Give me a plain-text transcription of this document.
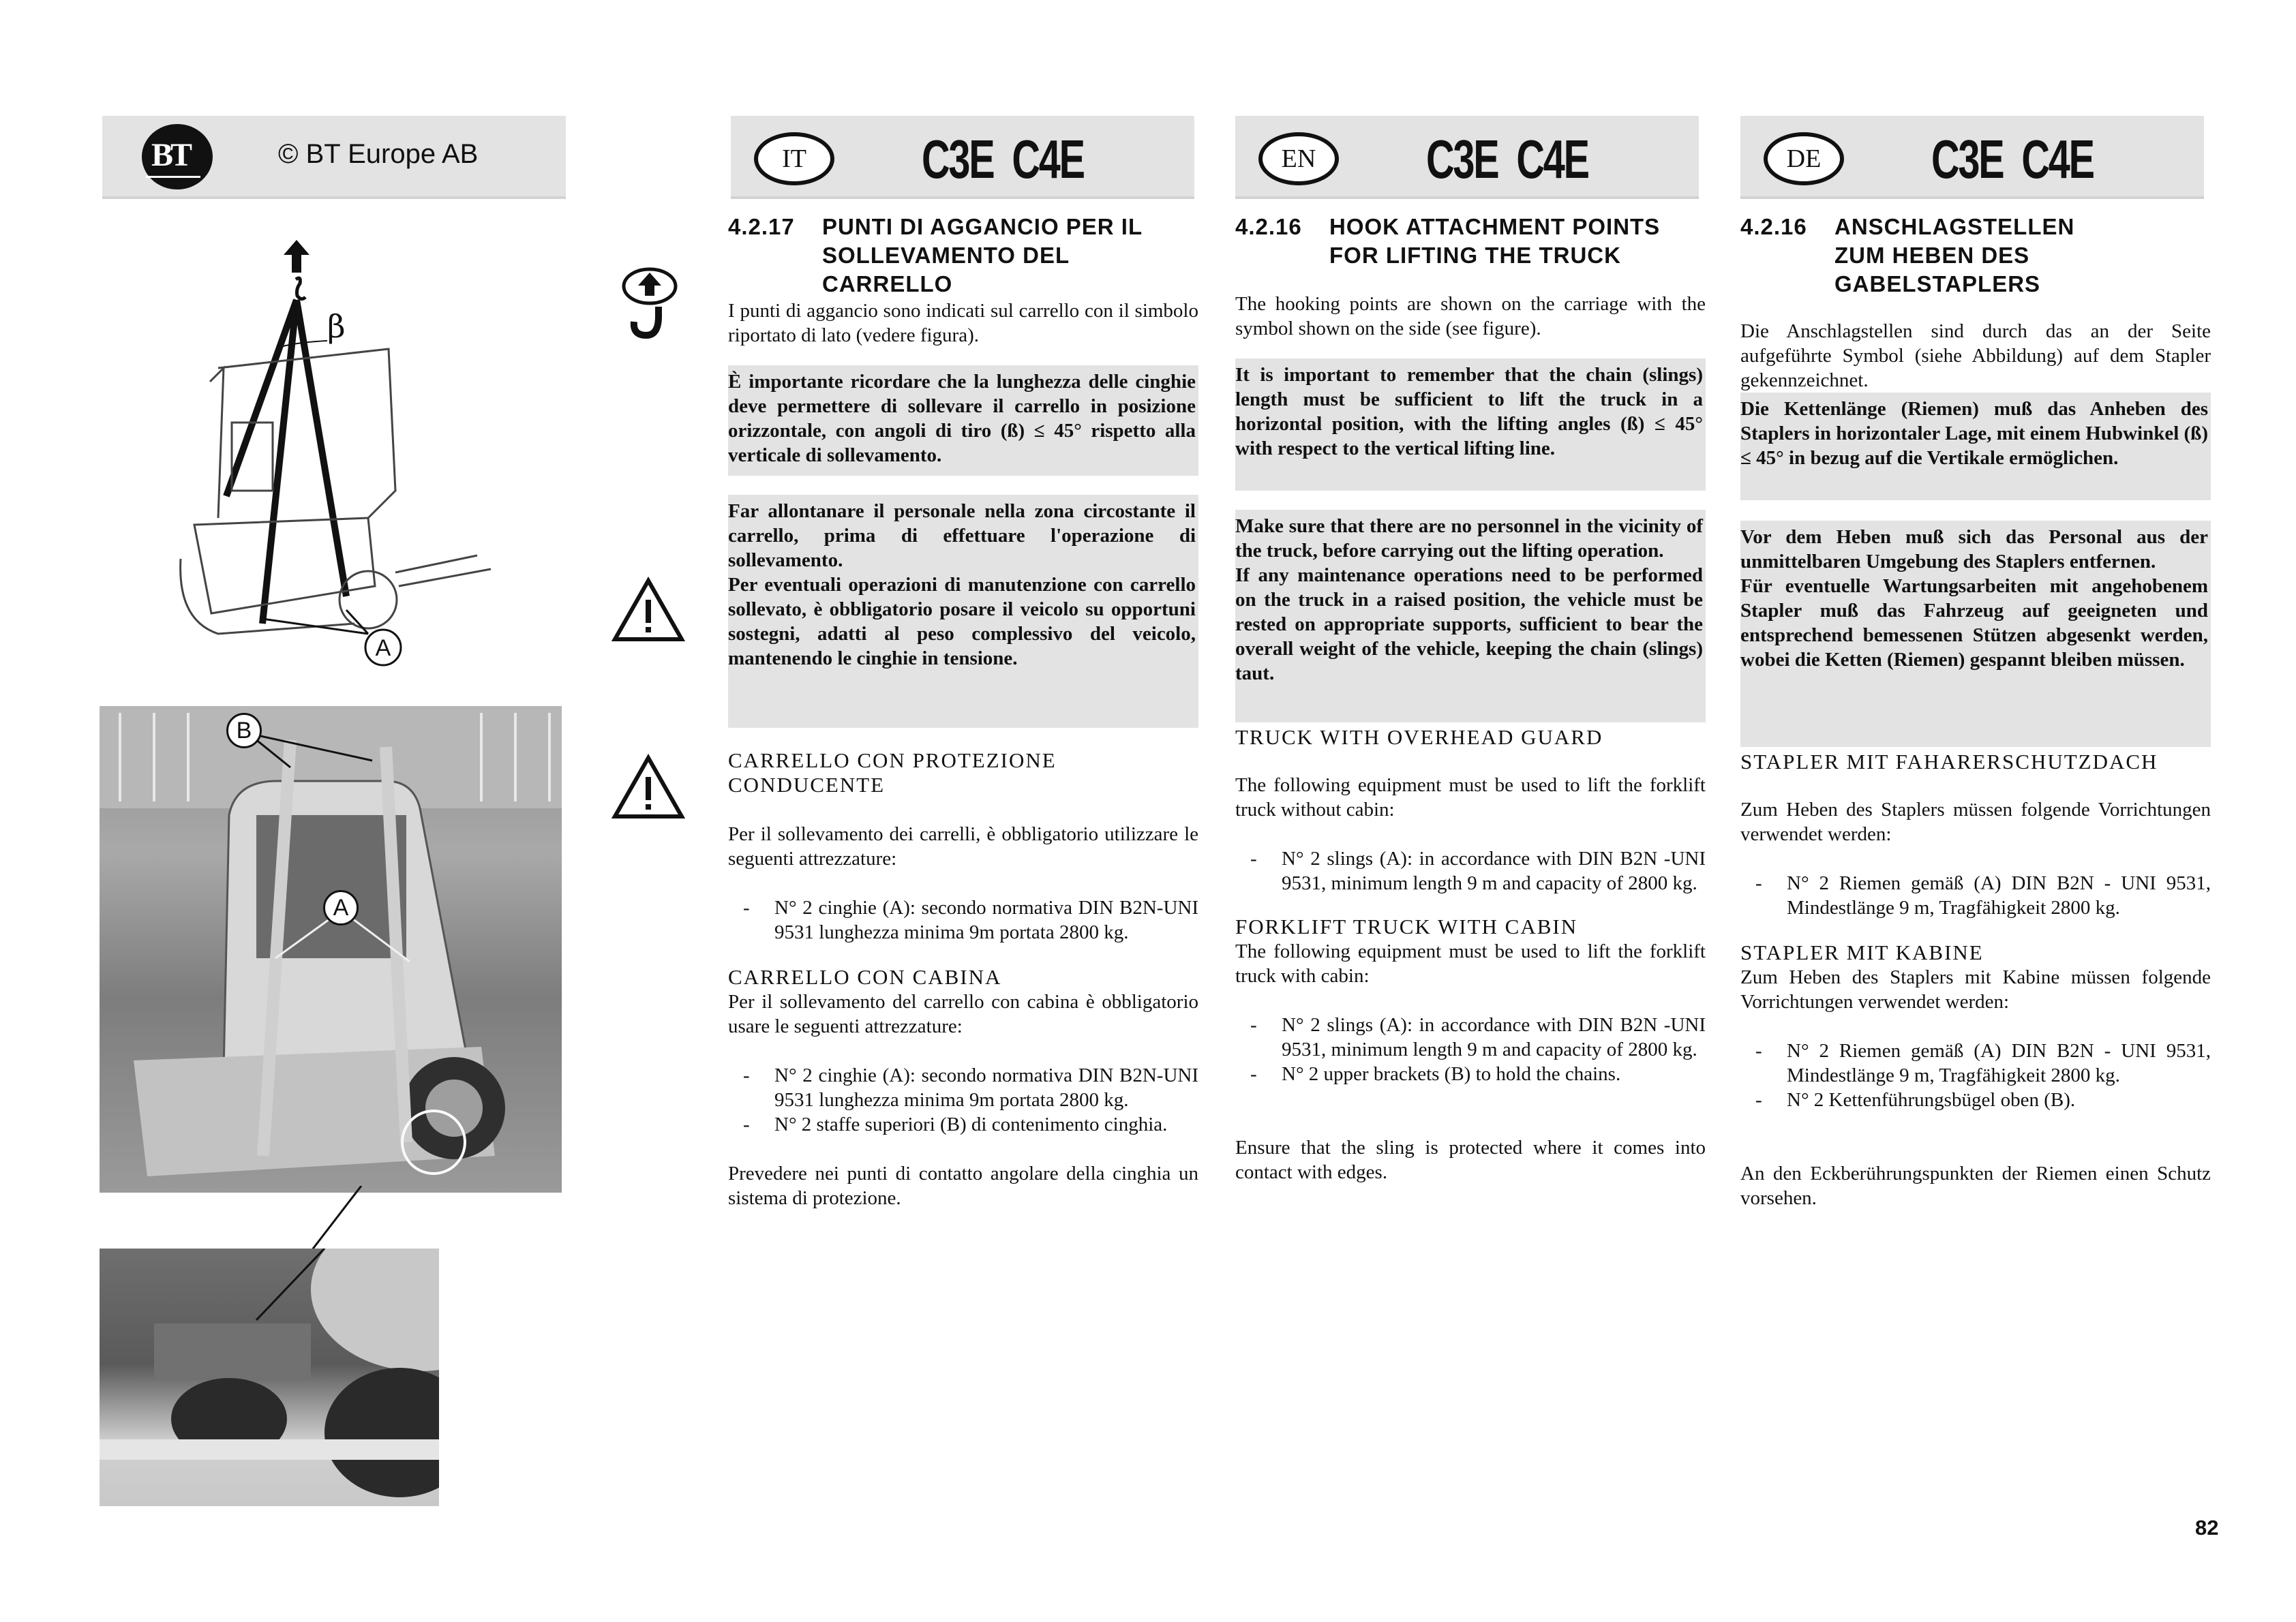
BT	© BT Europe AB	IT	C3E C4E	EN	C3E C4E	DE	C3E C4E
β
A
B
A
4.2.17	PUNTI DI AGGANCIO PER IL SOLLEVAMENTO DEL CARRELLO

I punti di aggancio sono indicati sul carrello con il simbolo riportato di lato (vedere figura).

È importante ricordare che la lunghezza delle cinghie deve permettere di sollevare il carrello in posizione orizzontale, con angoli di tiro (ß) ≤ 45° rispetto alla verticale di sollevamento.

Far allontanare il personale nella zona circostante il carrello, prima di effettuare l'operazione di sollevamento.

Per eventuali operazioni di manutenzione con carrello sollevato, è obbligatorio posare il veicolo su opportuni sostegni, adatti al peso complessivo del veicolo, mantenendo le cinghie in tensione.

CARRELLO CON PROTEZIONE CONDUCENTE

Per il sollevamento dei carrelli, è obbligatorio utilizzare le seguenti attrezzature:

- N° 2 cinghie (A): secondo normativa DIN B2N-UNI 9531 lunghezza minima 9m portata 2800 kg.

CARRELLO CON CABINA

Per il sollevamento del carrello con cabina è obbligatorio usare le seguenti attrezzature:

- N° 2 cinghie (A): secondo normativa DIN B2N-UNI 9531 lunghezza minima 9m portata 2800 kg.
- N° 2 staffe superiori (B) di contenimento cinghia.

Prevedere nei punti di contatto angolare della cinghia un sistema di protezione.

4.2.16	HOOK ATTACHMENT POINTS FOR LIFTING THE TRUCK

The hooking points are shown on the carriage with the symbol shown on the side (see figure).

It is important to remember that the chain (slings) length must be sufficient to lift the truck in a horizontal position, with the lifting angles (ß) ≤ 45° with respect to the vertical lifting line.

Make sure that there are no personnel in the vicinity of the truck, before carrying out the lifting operation.

If any maintenance operations need to be performed on the truck in a raised position, the vehicle must be rested on appropriate supports, sufficient to bear the overall weight of the vehicle, keeping the chain (slings) taut.

TRUCK WITH OVERHEAD GUARD

The following equipment must be used to lift the forklift truck without cabin:

- N° 2 slings (A): in accordance with DIN B2N -UNI 9531, minimum length 9 m and capacity of 2800 kg.

FORKLIFT TRUCK WITH CABIN

The following equipment must be used to lift the forklift truck with cabin:

- N° 2 slings (A): in accordance with DIN B2N -UNI 9531, minimum length 9 m and capacity of 2800 kg.
- N° 2 upper brackets (B) to hold the chains.

Ensure that the sling is protected where it comes into contact with edges.

4.2.16	ANSCHLAGSTELLEN ZUM HEBEN DES GABELSTAPLERS

Die Anschlagstellen sind durch das an der Seite aufgeführte Symbol (siehe Abbildung) auf dem Stapler gekennzeichnet.

Die Kettenlänge (Riemen) muß das Anheben des Staplers in horizontaler Lage, mit einem Hubwinkel (ß) ≤ 45° in bezug auf die Vertikale ermöglichen.

Vor dem Heben muß sich das Personal aus der unmittelbaren Umgebung des Staplers entfernen.

Für eventuelle Wartungsarbeiten mit angehobenem Stapler muß das Fahrzeug auf geeigneten und entsprechend bemessenen Stützen abgesenkt werden, wobei die Ketten (Riemen) gespannt bleiben müssen.

STAPLER MIT FAHARERSCHUTZDACH

Zum Heben des Staplers müssen folgende Vorrichtungen verwendet werden:

- N° 2 Riemen gemäß (A) DIN B2N - UNI 9531, Mindestlänge 9 m, Tragfähigkeit 2800 kg.

STAPLER MIT KABINE

Zum Heben des Staplers mit Kabine müssen folgende Vorrichtungen verwendet werden:

- N° 2 Riemen gemäß (A) DIN B2N - UNI 9531, Mindestlänge 9 m, Tragfähigkeit 2800 kg.
- N° 2 Kettenführungsbügel oben (B).

An den Eckberührungspunkten der Riemen einen Schutz vorsehen.

82
